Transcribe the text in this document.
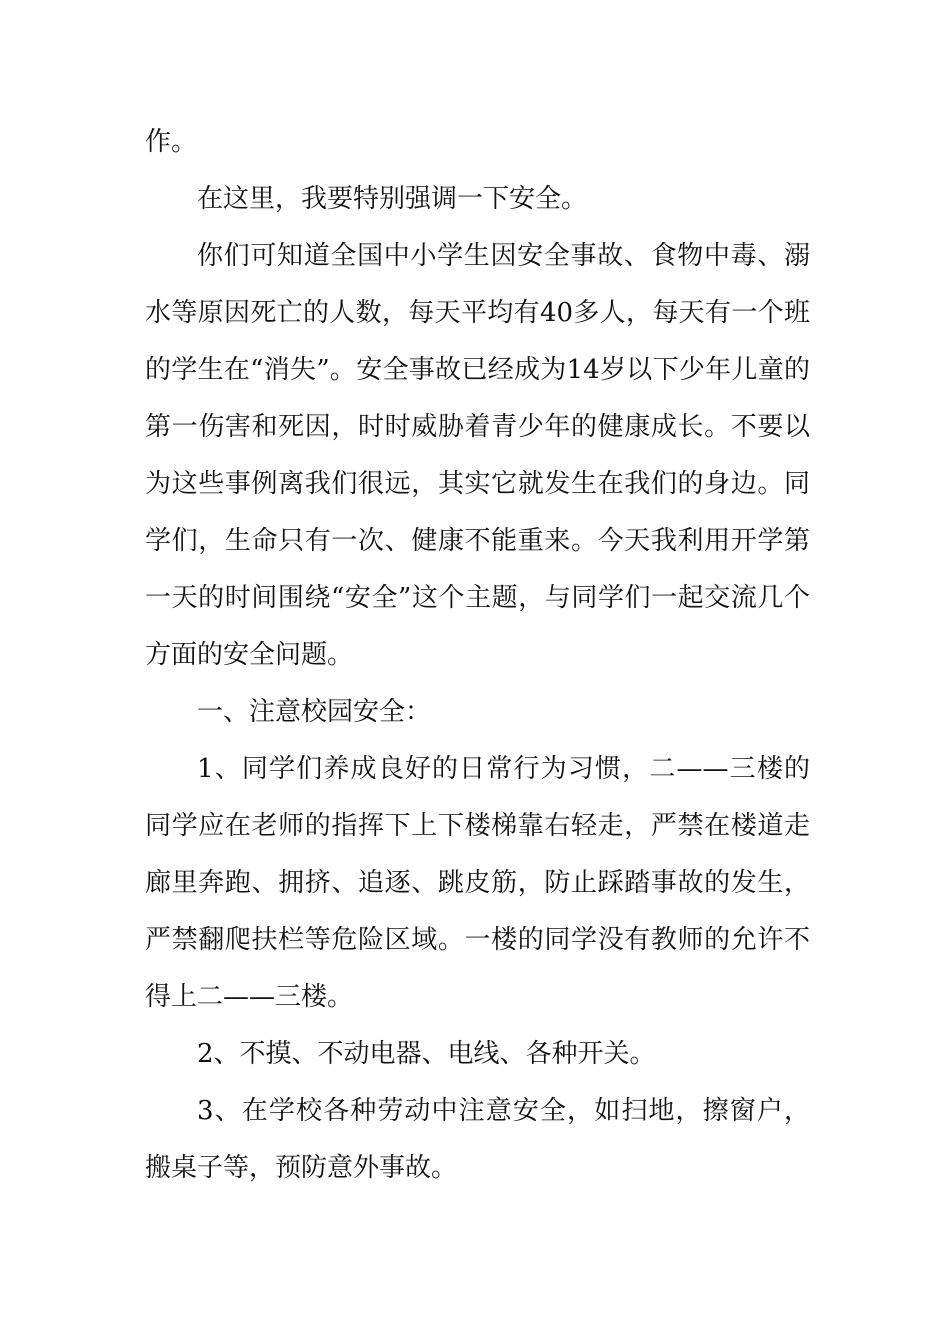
作。

在这里，我要特别强调一下安全。

你们可知道全国中小学生因安全事故、食物中毒、溺水等原因死亡的人数，每天平均有40多人，每天有一个班的学生在“消失”。安全事故已经成为14岁以下少年儿童的第一伤害和死因，时时威胁着青少年的健康成长。不要以为这些事例离我们很远，其实它就发生在我们的身边。同学们，生命只有一次、健康不能重来。今天我利用开学第一天的时间围绕“安全”这个主题，与同学们一起交流几个方面的安全问题。

一、注意校园安全：

1、同学们养成良好的日常行为习惯，二——三楼的同学应在老师的指挥下上下楼梯靠右轻走，严禁在楼道走廊里奔跑、拥挤、追逐、跳皮筋，防止踩踏事故的发生，严禁翻爬扶栏等危险区域。一楼的同学没有教师的允许不得上二——三楼。

2、不摸、不动电器、电线、各种开关。

3、在学校各种劳动中注意安全，如扫地，擦窗户，搬桌子等，预防意外事故。
